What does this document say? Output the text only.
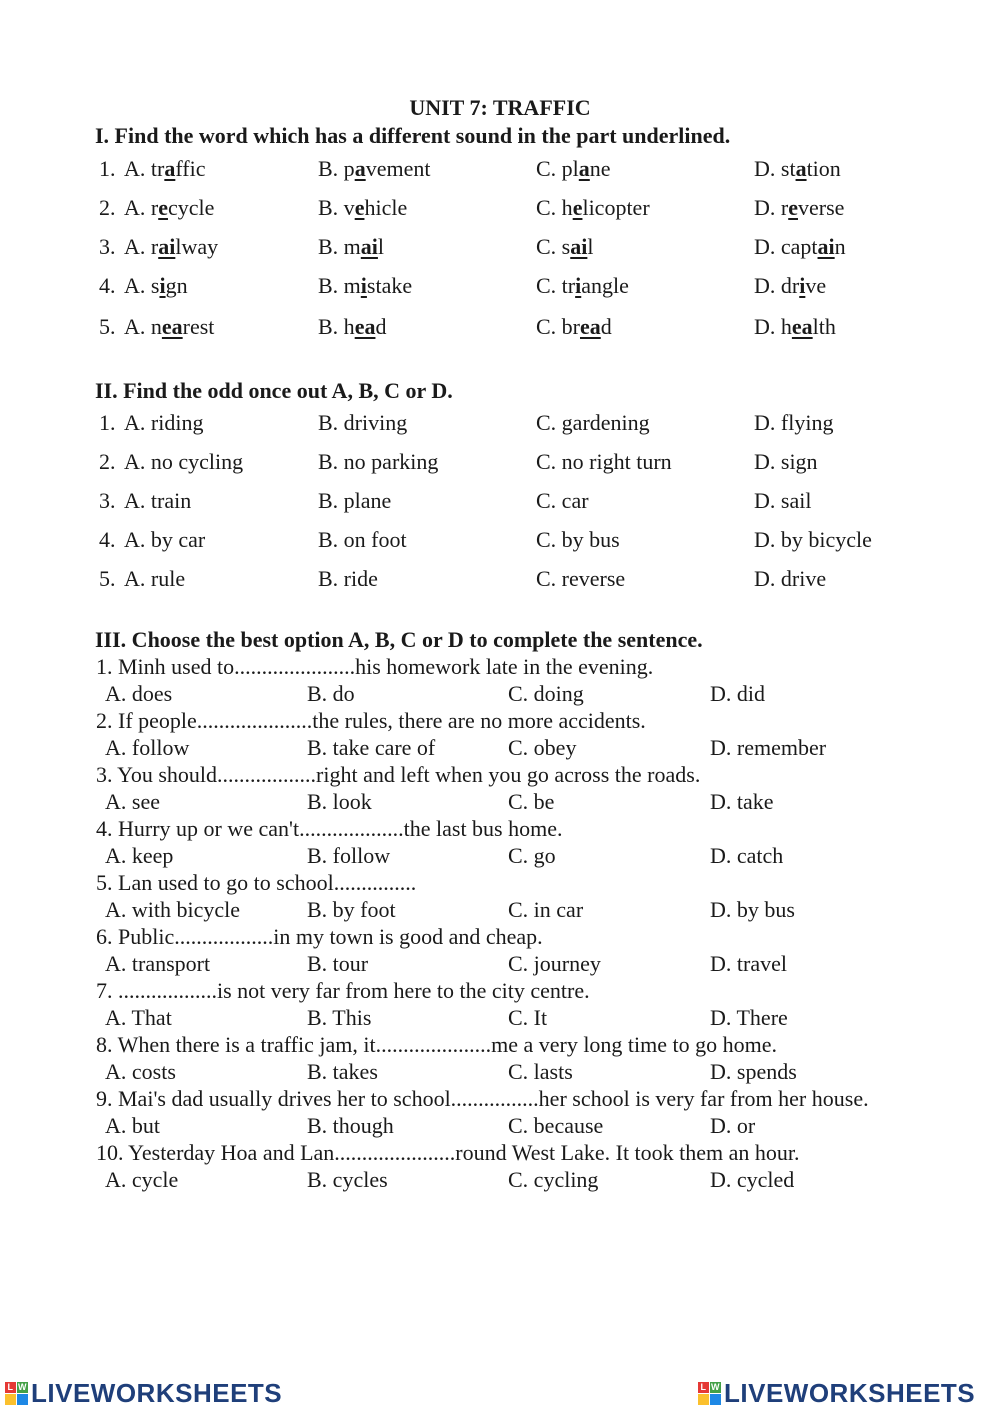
UNIT 7: TRAFFIC
I. Find the word which has a different sound in the part underlined.
1. A. traffic	B. pavement	C. plane	D. station
2. A. recycle	B. vehicle	C. helicopter	D. reverse
3. A. railway	B. mail	C. sail	D. captain
4. A. sign	B. mistake	C. triangle	D. drive
5. A. nearest	B. head	C. bread	D. health
II. Find the odd once out A, B, C or D.
1. A. riding	B. driving	C. gardening	D. flying
2. A. no cycling	B. no parking	C. no right turn	D. sign
3. A. train	B. plane	C. car	D. sail
4. A. by car	B. on foot	C. by bus	D. by bicycle
5. A. rule	B. ride	C. reverse	D. drive
III. Choose the best option A, B, C or D to complete the sentence.
1. Minh used to......................his homework late in the evening.
A. does	B. do	C. doing	D. did
2. If people.....................the rules, there are no more accidents.
A. follow	B. take care of	C. obey	D. remember
3. You should..................right and left when you go across the roads.
A. see	B. look	C. be	D. take
4. Hurry up or we can't...................the last bus home.
A. keep	B. follow	C. go	D. catch
5. Lan used to go to school...............
A. with bicycle	B. by foot	C. in car	D. by bus
6. Public..................in my town is good and cheap.
A. transport	B. tour	C. journey	D. travel
7. ..................is not very far from here to the city centre.
A. That	B. This	C. It	D. There
8. When there is a traffic jam, it.....................me a very long time to go home.
A. costs	B. takes	C. lasts	D. spends
9. Mai's dad usually drives her to school................her school is very far from her house.
A. but	B. though	C. because	D. or
10. Yesterday Hoa and Lan......................round West Lake. It took them an hour.
A. cycle	B. cycles	C. cycling	D. cycled
L W LIVEWORKSHEETS	L W LIVEWORKSHEETS
